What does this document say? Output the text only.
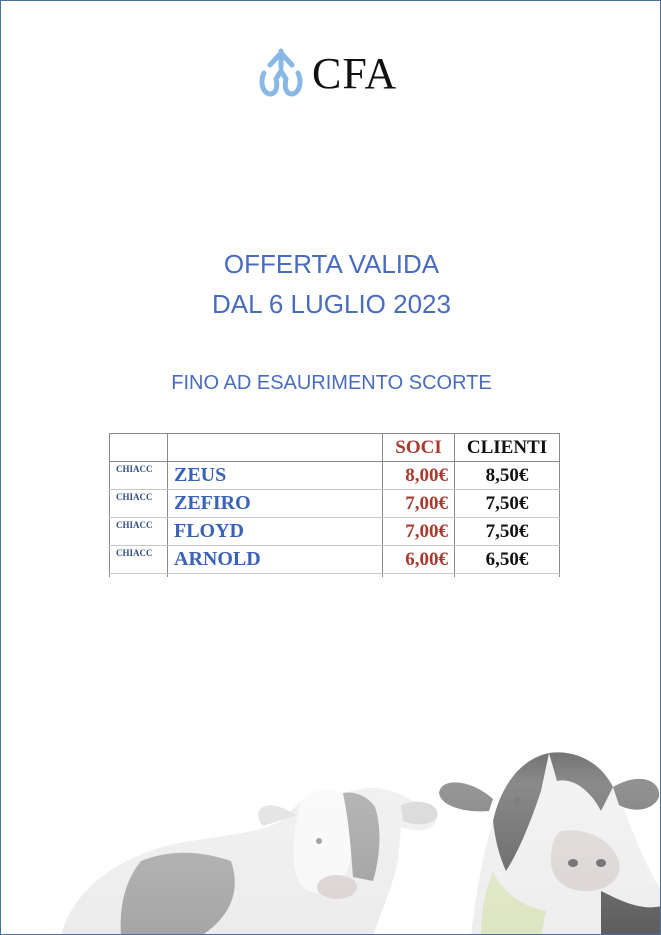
CFA
OFFERTA VALIDA
DAL 6 LUGLIO 2023
FINO AD ESAURIMENTO SCORTE
		SOCI	CLIENTI
CHIACC	ZEUS	8,00€	8,50€
CHIACC	ZEFIRO	7,00€	7,50€
CHIACC	FLOYD	7,00€	7,50€
CHIACC	ARNOLD	6,00€	6,50€
